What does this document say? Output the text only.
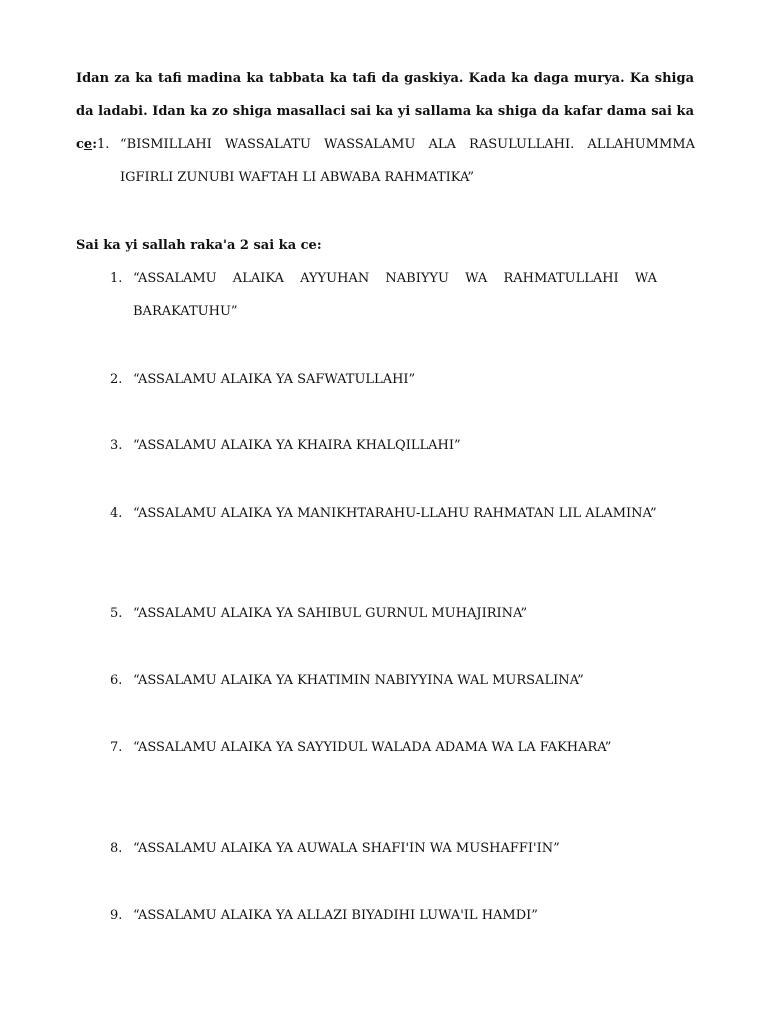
Idan za ka tafi madina ka tabbata ka tafi da gaskiya. Kada ka daga murya. Ka shiga da ladabi. Idan ka zo shiga masallaci sai ka yi sallama ka shiga da kafar dama sai ka ce: 1. “BISMILLAHI WASSALATU WASSALAMU ALA RASULULLAHI. ALLAHUMMMA IGFIRLI ZUNUBI WAFTAH LI ABWABA RAHMATIKA”
Sai ka yi sallah raka'a 2 sai ka ce:
1. “ASSALAMU ALAIKA AYYUHAN NABIYYU WA RAHMATULLAHI WA BARAKATUHU”
2. “ASSALAMU ALAIKA YA SAFWATULLAHI”
3. “ASSALAMU ALAIKA YA KHAIRA KHALQILLAHI”
4. “ASSALAMU ALAIKA YA MANIKHTARAHU-LLAHU RAHMATAN LIL ALAMINA”
5. “ASSALAMU ALAIKA YA SAHIBUL GURNUL MUHAJIRINA”
6. “ASSALAMU ALAIKA YA KHATIMIN NABIYYINA WAL MURSALINA”
7. “ASSALAMU ALAIKA YA SAYYIDUL WALADA ADAMA WA LA FAKHARA”
8. “ASSALAMU ALAIKA YA AUWALA SHAFI'IN WA MUSHAFFI'IN”
9. “ASSALAMU ALAIKA YA ALLAZI BIYADIHI LUWA'IL HAMDI”
